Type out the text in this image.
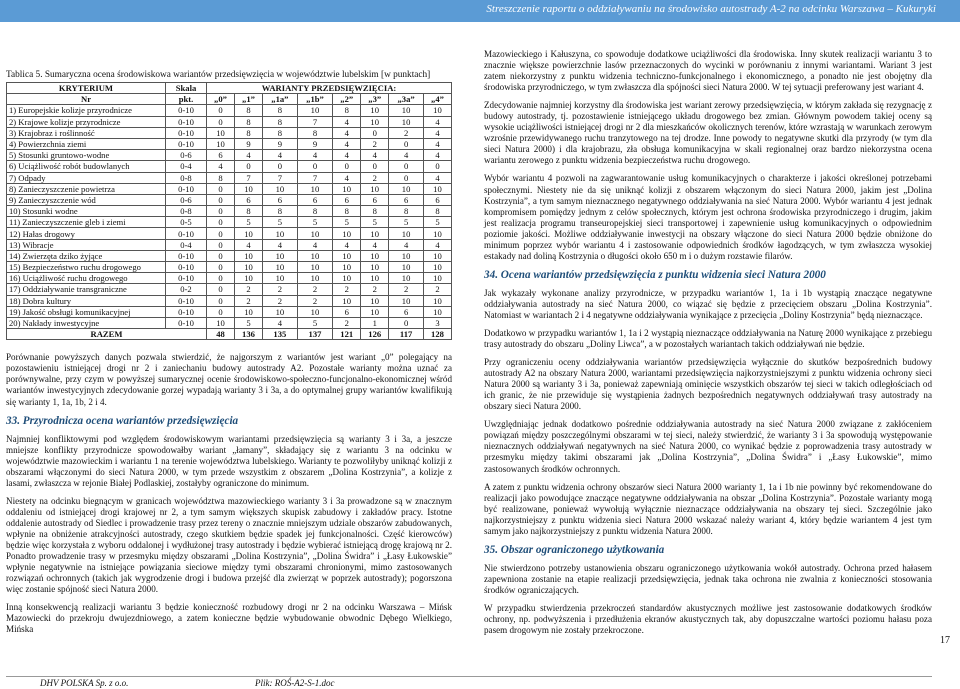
Streszczenie raportu o oddziaływaniu na środowisko autostrady A-2 na odcinku Warszawa – Kukuryki
Tablica 5. Sumaryczna ocena środowiskowa wariantów przedsięwzięcia w województwie lubelskim [w punktach]
KRYTERIUM	Skala	WARIANTY PRZEDSIĘWZIĘCIA:							
Nr	pkt.	„0”	„1”	„1a”	„1b”	„2”	„3”	„3a”	„4”
1) Europejskie kolizje przyrodnicze	0-10	0	8	8	10	8	10	10	10
2) Krajowe kolizje przyrodnicze	0-10	0	8	8	7	4	10	10	4
3) Krajobraz i roślinność	0-10	10	8	8	8	4	0	2	4
4) Powierzchnia ziemi	0-10	10	9	9	9	4	2	0	4
5) Stosunki gruntowo-wodne	0-6	6	4	4	4	4	4	4	4
6) Uciążliwość robót budowlanych	0-4	4	0	0	0	0	0	0	0
7) Odpady	0-8	8	7	7	7	4	2	0	4
8) Zanieczyszczenie powietrza	0-10	0	10	10	10	10	10	10	10
9) Zanieczyszczenie wód	0-6	0	6	6	6	6	6	6	6
10) Stosunki wodne	0-8	0	8	8	8	8	8	8	8
11) Zanieczyszczenie gleb i ziemi	0-5	0	5	5	5	5	5	5	5
12) Hałas drogowy	0-10	0	10	10	10	10	10	10	10
13) Wibracje	0-4	0	4	4	4	4	4	4	4
14) Zwierzęta dziko żyjące	0-10	0	10	10	10	10	10	10	10
15) Bezpieczeństwo ruchu drogowego	0-10	0	10	10	10	10	10	10	10
16) Uciążliwość ruchu drogowego	0-10	0	10	10	10	10	10	10	10
17) Oddziaływanie transgraniczne	0-2	0	2	2	2	2	2	2	2
18) Dobra kultury	0-10	0	2	2	2	10	10	10	10
19) Jakość obsługi komunikacyjnej	0-10	0	10	10	10	6	10	6	10
20) Nakłady inwestycyjne	0-10	10	5	4	5	2	1	0	3
RAZEM		48	136	135	137	121	126	117	128

Porównanie powyższych danych pozwala stwierdzić, że najgorszym z wariantów jest wariant „0” polegający na pozostawieniu istniejącej drogi nr 2 i zaniechaniu budowy autostrady A2. Pozostałe warianty można uznać za porównywalne, przy czym w powyższej sumarycznej ocenie środowiskowo-społeczno-funcjonalno-ekonomicznej wśród wariantów inwestycyjnych zdecydowanie gorzej wypadają warianty 3 i 3a, a do optymalnej grupy wariantów kwalifikują się warianty 1, 1a, 1b, 2 i 4.

33. Przyrodnicza ocena wariantów przedsięwzięcia

Najmniej konfliktowymi pod względem środowiskowym wariantami przedsięwzięcia są warianty 3 i 3a, a jeszcze mniejsze konflikty przyrodnicze spowodowałby wariant „łamany”, składający się z wariantu 3 na odcinku w województwie mazowieckim i wariantu 1 na terenie województwa lubelskiego. Warianty te pozwoliłyby uniknąć kolizji z obszarami włączonymi do sieci Natura 2000, w tym przede wszystkim z obszarem „Dolina Kostrzynia”, a kolizje z lasami, zwłaszcza w rejonie Białej Podlaskiej, zostałyby ograniczone do minimum.

Niestety na odcinku biegnącym w granicach województwa mazowieckiego warianty 3 i 3a prowadzone są w znacznym oddaleniu od istniejącej drogi krajowej nr 2, a tym samym większych skupisk zabudowy i zakładów pracy. Istotne oddalenie autostrady od Siedlec i prowadzenie trasy przez tereny o znacznie mniejszym udziale obszarów zabudowanych, wpłynie na obniżenie atrakcyjności autostrady, czego skutkiem będzie spadek jej funkcjonalności. Część kierowców) będzie więc korzystała z wyboru oddalonej i wydłużonej trasy autostrady i będzie wybierać istniejącą drogę krajową nr 2. Ponadto prowadzenie trasy w przesmyku między obszarami „Dolina Kostrzynia”, „Dolina Świdra” i „Łasy Łukowskie” wpłynie negatywnie na istniejące powiązania sieciowe między tymi obszarami chronionymi, mimo zastosowanych rozwiązań ochronnych (takich jak wygrodzenie drogi i budowa przejść dla zwierząt w poprzek autostrady); pogorszona więc zostanie spójność sieci Natura 2000.

Inną konsekwencją realizacji wariantu 3 będzie konieczność rozbudowy drogi nr 2 na odcinku Warszawa – Mińsk Mazowiecki do przekroju dwujezdniowego, a zatem konieczne będzie wybudowanie obwodnic Dębego Wielkiego, Mińska

Mazowieckiego i Kałuszyna, co spowoduje dodatkowe uciążliwości dla środowiska. Inny skutek realizacji wariantu 3 to znacznie większe powierzchnie lasów przeznaczonych do wycinki w porównaniu z innymi wariantami. Wariant 3 jest zatem niekorzystny z punktu widzenia techniczno-funkcjonalnego i ekonomicznego, a ponadto nie jest obojętny dla środowiska przyrodniczego, w tym zwłaszcza dla spójności sieci Natura 2000. W tej sytuacji preferowany jest wariant 4.

Zdecydowanie najmniej korzystny dla środowiska jest wariant zerowy przedsięwzięcia, w którym zakłada się rezygnację z budowy autostrady, tj. pozostawienie istniejącego układu drogowego bez zmian. Głównym powodem takiej oceny są wysokie uciążliwości istniejącej drogi nr 2 dla mieszkańców okolicznych terenów, które wzrastają w warunkach zerowym wzrośnie przewidywanego ruchu tranzytowego na tej drodze. Inne powody to negatywne skutki dla przyrody (w tym dla sieci Natura 2000) i dla krajobrazu, zła obsługa komunikacyjna w skali regionalnej oraz bardzo niekorzystna ocena wariantu zerowego z punktu widzenia bezpieczeństwa ruchu drogowego.

Wybór wariantu 4 pozwoli na zagwarantowanie usług komunikacyjnych o charakterze i jakości określonej potrzebami społecznymi. Niestety nie da się uniknąć kolizji z obszarem włączonym do sieci Natura 2000, jakim jest „Dolina Kostrzynia”, a tym samym nieznacznego negatywnego oddziaływania na sieć Natura 2000. Wybór wariantu 4 jest jednak kompromisem pomiędzy jednym z celów społecznych, którym jest ochrona środowiska przyrodniczego i drugim, jakim jest realizacja programu transeuropejskiej sieci transportowej i zapewnienie usług komunikacyjnych o odpowiednim poziomie jakości. Możliwe oddziaływanie inwestycji na obszary włączone do sieci Natura 2000 będzie obniżone do minimum poprzez wybór wariantu 4 i zastosowanie odpowiednich środków łagodzących, w tym zwłaszcza wysokiej estakady nad doliną Kostrzynia o długości około 650 m i o dużym rozstawie filarów.

34. Ocena wariantów przedsięwzięcia z punktu widzenia sieci Natura 2000

Jak wykazały wykonane analizy przyrodnicze, w przypadku wariantów 1, 1a i 1b wystąpią znaczące negatywne oddziaływania autostrady na sieć Natura 2000, co wiązać się będzie z przecięciem obszaru „Dolina Kostrzynia”. Natomiast w wariantach 2 i 4 negatywne oddziaływania wynikające z przecięcia „Doliny Kostrzynia” będą nieznaczące.

Dodatkowo w przypadku wariantów 1, 1a i 2 wystąpią nieznaczące oddziaływania na Naturę 2000 wynikające z przebiegu trasy autostrady do obszaru „Doliny Liwca”, a w pozostałych wariantach takich oddziaływań nie będzie.

Przy ograniczeniu oceny oddziaływania wariantów przedsięwzięcia wyłącznie do skutków bezpośrednich budowy autostrady A2 na obszary Natura 2000, wariantami przedsięwzięcia najkorzystniejszymi z punktu widzenia ochrony sieci Natura 2000 są warianty 3 i 3a, ponieważ zapewniają ominięcie wszystkich obszarów tej sieci w takich odległościach od ich granic, że nie przewiduje się wystąpienia żadnych bezpośrednich negatywnych oddziaływań trasy autostrady na obszary sieci Natura 2000.

Uwzględniając jednak dodatkowo pośrednie oddziaływania autostrady na sieć Natura 2000 związane z zakłóceniem powiązań między poszczególnymi obszarami w tej sieci, należy stwierdzić, że warianty 3 i 3a spowodują występowanie nieznacznych oddziaływań negatywnych na sieć Natura 2000, co wynikać będzie z poprowadzenia trasy autostrady w przesmyku między takimi obszarami jak „Dolina Kostrzynia”, „Dolina Świdra” i „Łasy Łukowskie”, mimo zastosowanych środków ochronnych.

A zatem z punktu widzenia ochrony obszarów sieci Natura 2000 warianty 1, 1a i 1b nie powinny być rekomendowane do realizacji jako powodujące znaczące negatywne oddziaływania na obszar „Dolina Kostrzynia”. Pozostałe warianty mogą być realizowane, ponieważ wywołują wyłącznie nieznaczące oddziaływania na obszary tej sieci. Szczególnie jako najkorzystniejszy z punktu widzenia sieci Natura 2000 wskazać należy wariant 4, który będzie wariantem 4 jest tym samym jako najkorzystniejszy z punktu widzenia Natura 2000.

35. Obszar ograniczonego użytkowania

Nie stwierdzono potrzeby ustanowienia obszaru ograniczonego użytkowania wokół autostrady. Ochrona przed hałasem zapewniona zostanie na etapie realizacji przedsięwzięcia, jednak taka ochrona nie zwalnia z konieczności stosowania środków ograniczających.

W przypadku stwierdzenia przekroczeń standardów akustycznych możliwe jest zastosowanie dodatkowych środków ochrony, np. podwyższenia i przedłużenia ekranów akustycznych tak, aby dopuszczalne wartości poziomu hałasu poza pasem drogowym nie zostały przekroczone.

17
DHV POLSKA Sp. z o.o.	Plik: ROŚ-A2-S-1.doc
